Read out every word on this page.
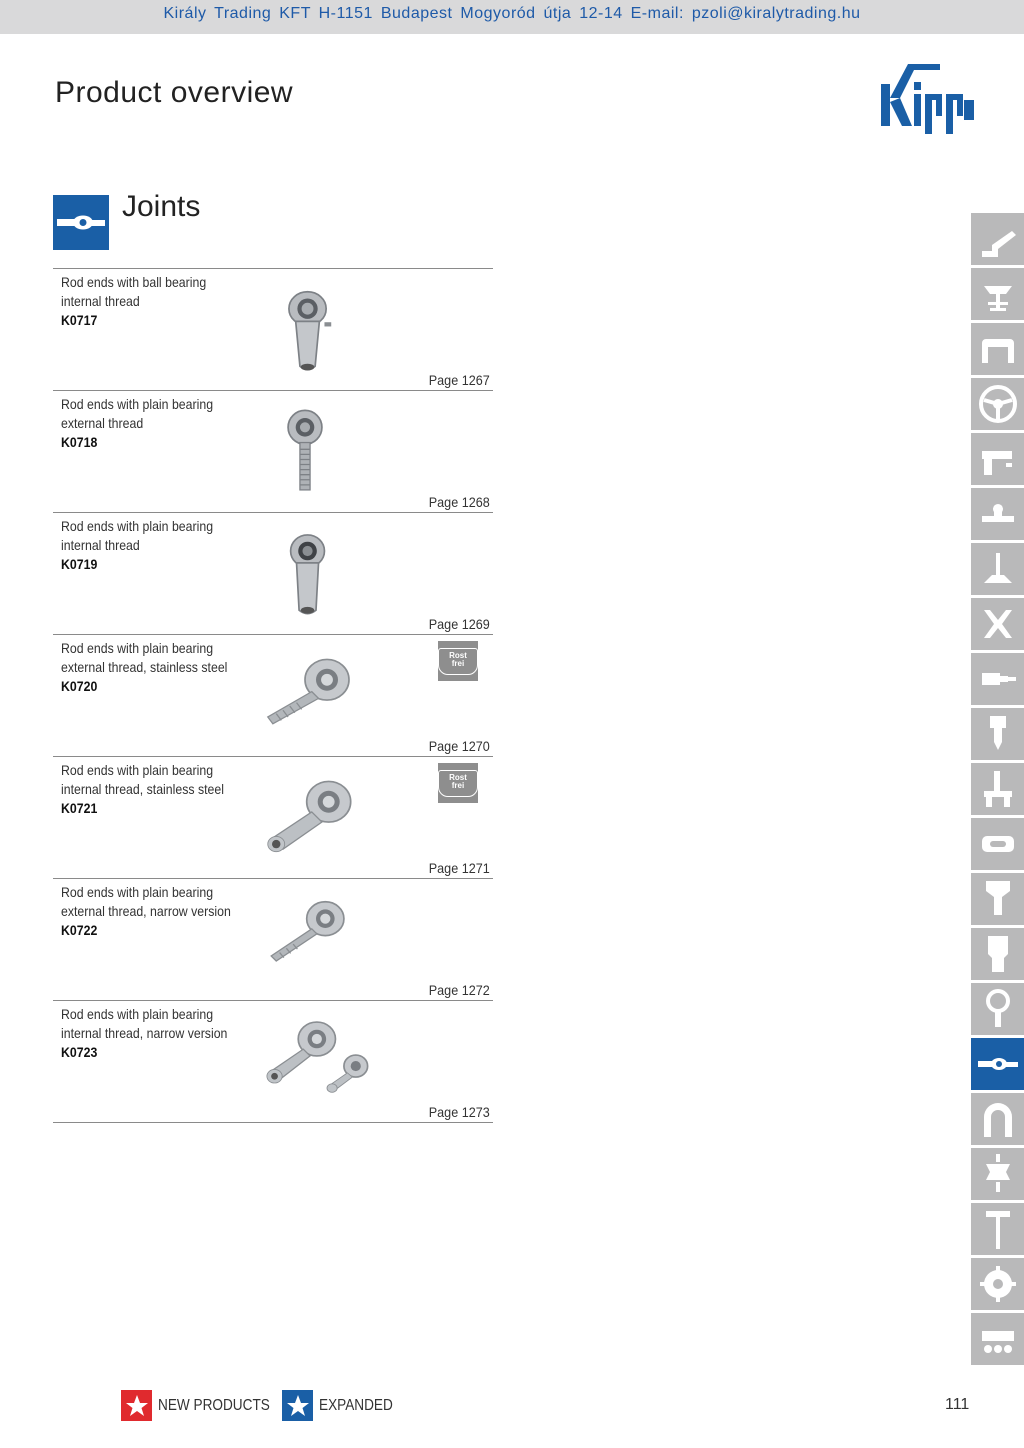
Király Trading KFT H-1151 Budapest Mogyoród útja 12-14 E-mail: pzoli@kiralytrading.hu
Product overview
Joints
Rod ends with ball bearing
internal thread
K0717
Page 1267
Rod ends with plain bearing
external thread
K0718
Page 1268
Rod ends with plain bearing
internal thread
K0719
Page 1269
Rod ends with plain bearing
external thread, stainless steel
K0720
Rost frei
Page 1270
Rod ends with plain bearing
internal thread, stainless steel
K0721
Rost frei
Page 1271
Rod ends with plain bearing
external thread, narrow version
K0722
Page 1272
Rod ends with plain bearing
internal thread, narrow version
K0723
Page 1273
NEW PRODUCTS	EXPANDED	111
